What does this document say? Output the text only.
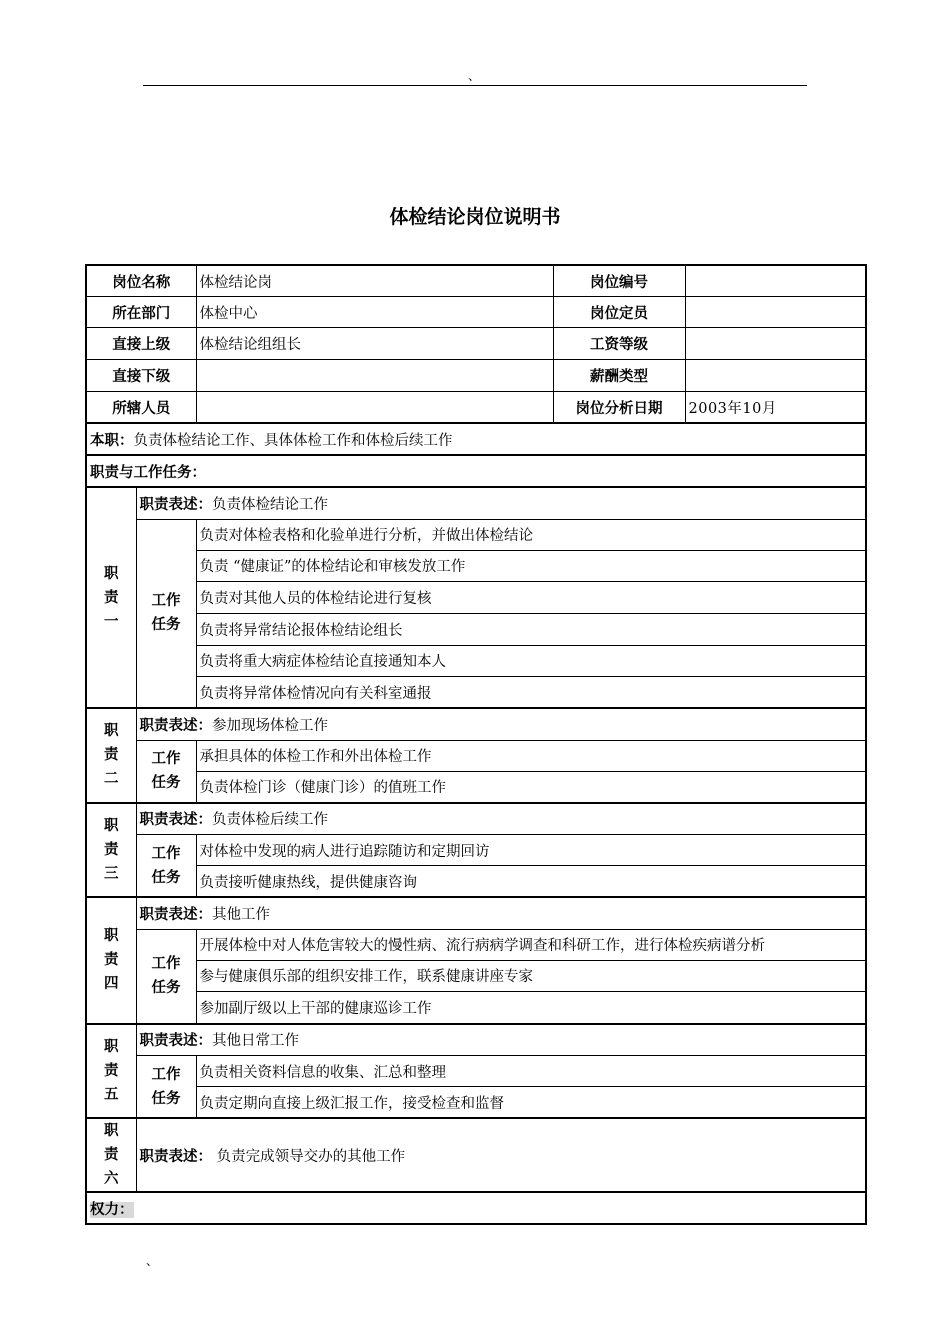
、
体检结论岗位说明书
岗位名称		体检结论岗	岗位编号	
所在部门		体检中心	岗位定员	
直接上级		体检结论组组长	工资等级	
直接下级			薪酬类型	
所辖人员			岗位分析日期	2003年10月
本职：负责体检结论工作、具体体检工作和体检后续工作				
职责与工作任务：				

职
责
一	职责表述：负责体检结论工作			

	工作
任务	负责对体检表格和化验单进行分析，并做出体检结论		
		负责 “健康证”的体检结论和审核发放工作		
		负责对其他人员的体检结论进行复核		
		负责将异常结论报体检结论组长		
		负责将重大病症体检结论直接通知本人		
		负责将异常体检情况向有关科室通报		

职
责
二	职责表述：参加现场体检工作			

	工作
任务	承担具体的体检工作和外出体检工作		
		负责体检门诊（健康门诊）的值班工作		

职
责
三	职责表述：负责体检后续工作			

	工作
任务	对体检中发现的病人进行追踪随访和定期回访		
		负责接听健康热线，提供健康咨询		

职
责
四	职责表述：其他工作			

	工作
任务	开展体检中对人体危害较大的慢性病、流行病病学调查和科研工作，进行体检疾病谱分析		
		参与健康俱乐部的组织安排工作，联系健康讲座专家		
		参加副厅级以上干部的健康巡诊工作		

职
责
五	职责表述：其他日常工作			

	工作
任务	负责相关资料信息的收集、汇总和整理		
		负责定期向直接上级汇报工作，接受检查和监督		

职
责
六	职责表述： 负责完成领导交办的其他工作			
权力：				
、
